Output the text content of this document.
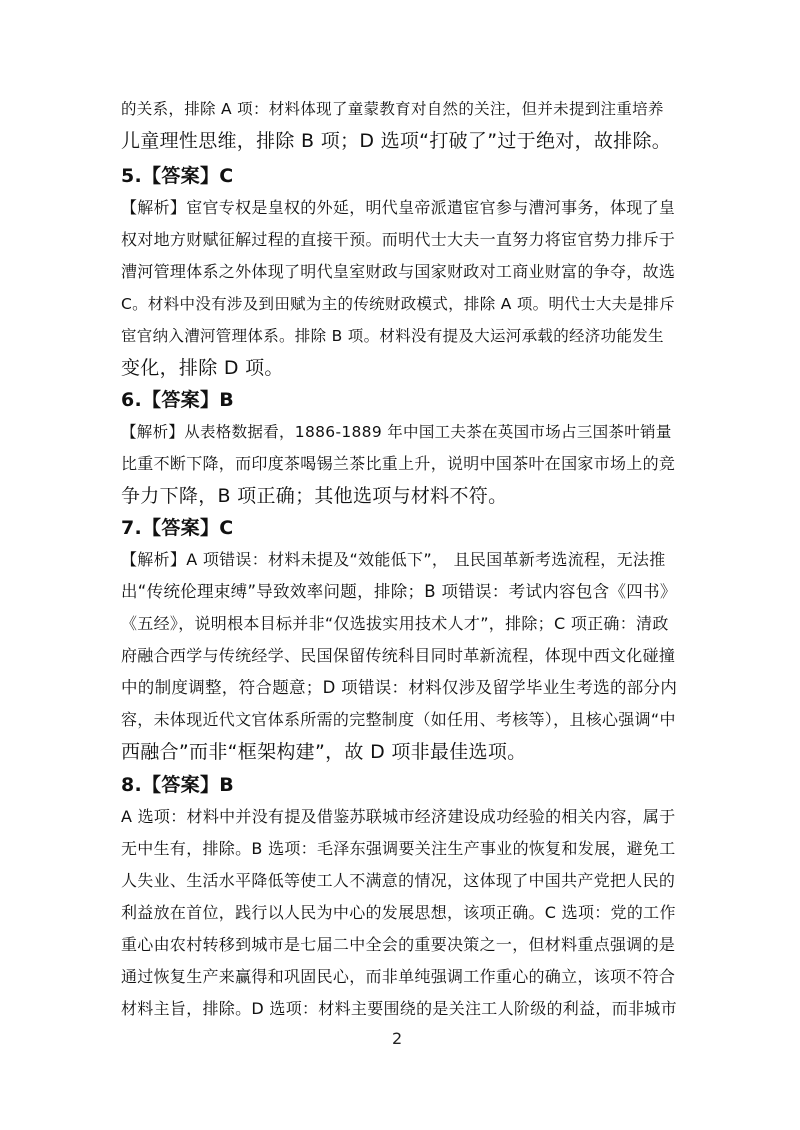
的关系，排除 A 项：材料体现了童蒙教育对自然的关注，但并未提到注重培养
儿童理性思维，排除 B 项；D 选项“打破了”过于绝对，故排除。
5.【答案】C
【解析】宦官专权是皇权的外延，明代皇帝派遣宦官参与漕河事务，体现了皇
权对地方财赋征解过程的直接干预。而明代士大夫一直努力将宦官势力排斥于
漕河管理体系之外体现了明代皇室财政与国家财政对工商业财富的争夺，故选
C。材料中没有涉及到田赋为主的传统财政模式，排除 A 项。明代士大夫是排斥
宦官纳入漕河管理体系。排除 B 项。材料没有提及大运河承载的经济功能发生
变化，排除 D 项。
6.【答案】B
【解析】从表格数据看，1886-1889 年中国工夫茶在英国市场占三国茶叶销量
比重不断下降，而印度茶喝锡兰茶比重上升，说明中国茶叶在国家市场上的竞
争力下降，B 项正确；其他选项与材料不符。
7.【答案】C
【解析】A 项错误：材料未提及“效能低下”， 且民国革新考选流程，无法推
出“传统伦理束缚”导致效率问题，排除；B 项错误：考试内容包含《四书》
《五经》，说明根本目标并非“仅选拔实用技术人才”，排除；C 项正确：清政
府融合西学与传统经学、民国保留传统科目同时革新流程，体现中西文化碰撞
中的制度调整，符合题意；D 项错误：材料仅涉及留学毕业生考选的部分内
容，未体现近代文官体系所需的完整制度（如任用、考核等），且核心强调“中
西融合”而非“框架构建”，故 D 项非最佳选项。
8.【答案】B
A 选项：材料中并没有提及借鉴苏联城市经济建设成功经验的相关内容，属于
无中生有，排除。B 选项：毛泽东强调要关注生产事业的恢复和发展，避免工
人失业、生活水平降低等使工人不满意的情况，这体现了中国共产党把人民的
利益放在首位，践行以人民为中心的发展思想，该项正确。C 选项：党的工作
重心由农村转移到城市是七届二中全会的重要决策之一，但材料重点强调的是
通过恢复生产来赢得和巩固民心，而非单纯强调工作重心的确立，该项不符合
材料主旨，排除。D 选项：材料主要围绕的是关注工人阶级的利益，而非城市
2
